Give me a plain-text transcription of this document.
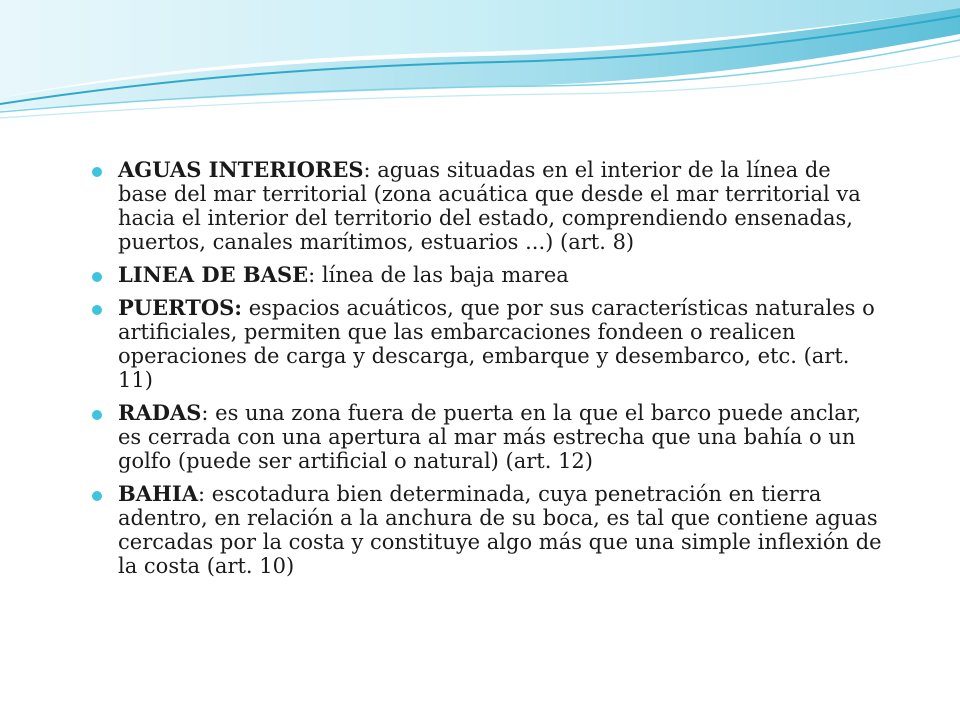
AGUAS INTERIORES: aguas situadas en el interior de la línea de base del mar territorial (zona acuática que desde el mar territorial va hacia el interior del territorio del estado, comprendiendo ensenadas, puertos, canales marítimos, estuarios ...) (art. 8)
LINEA DE BASE: línea de las baja marea
PUERTOS: espacios acuáticos, que por sus características naturales o artificiales, permiten que las embarcaciones fondeen o realicen operaciones de carga y descarga, embarque y desembarco, etc. (art. 11)
RADAS: es una zona fuera de puerta en la que el barco puede anclar, es cerrada con una apertura al mar más estrecha que una bahía o un golfo (puede ser artificial o natural) (art. 12)
BAHIA: escotadura bien determinada, cuya penetración en tierra adentro, en relación a la anchura de su boca, es tal que contiene aguas cercadas por la costa y constituye algo más que una simple inflexión de la costa (art. 10)
